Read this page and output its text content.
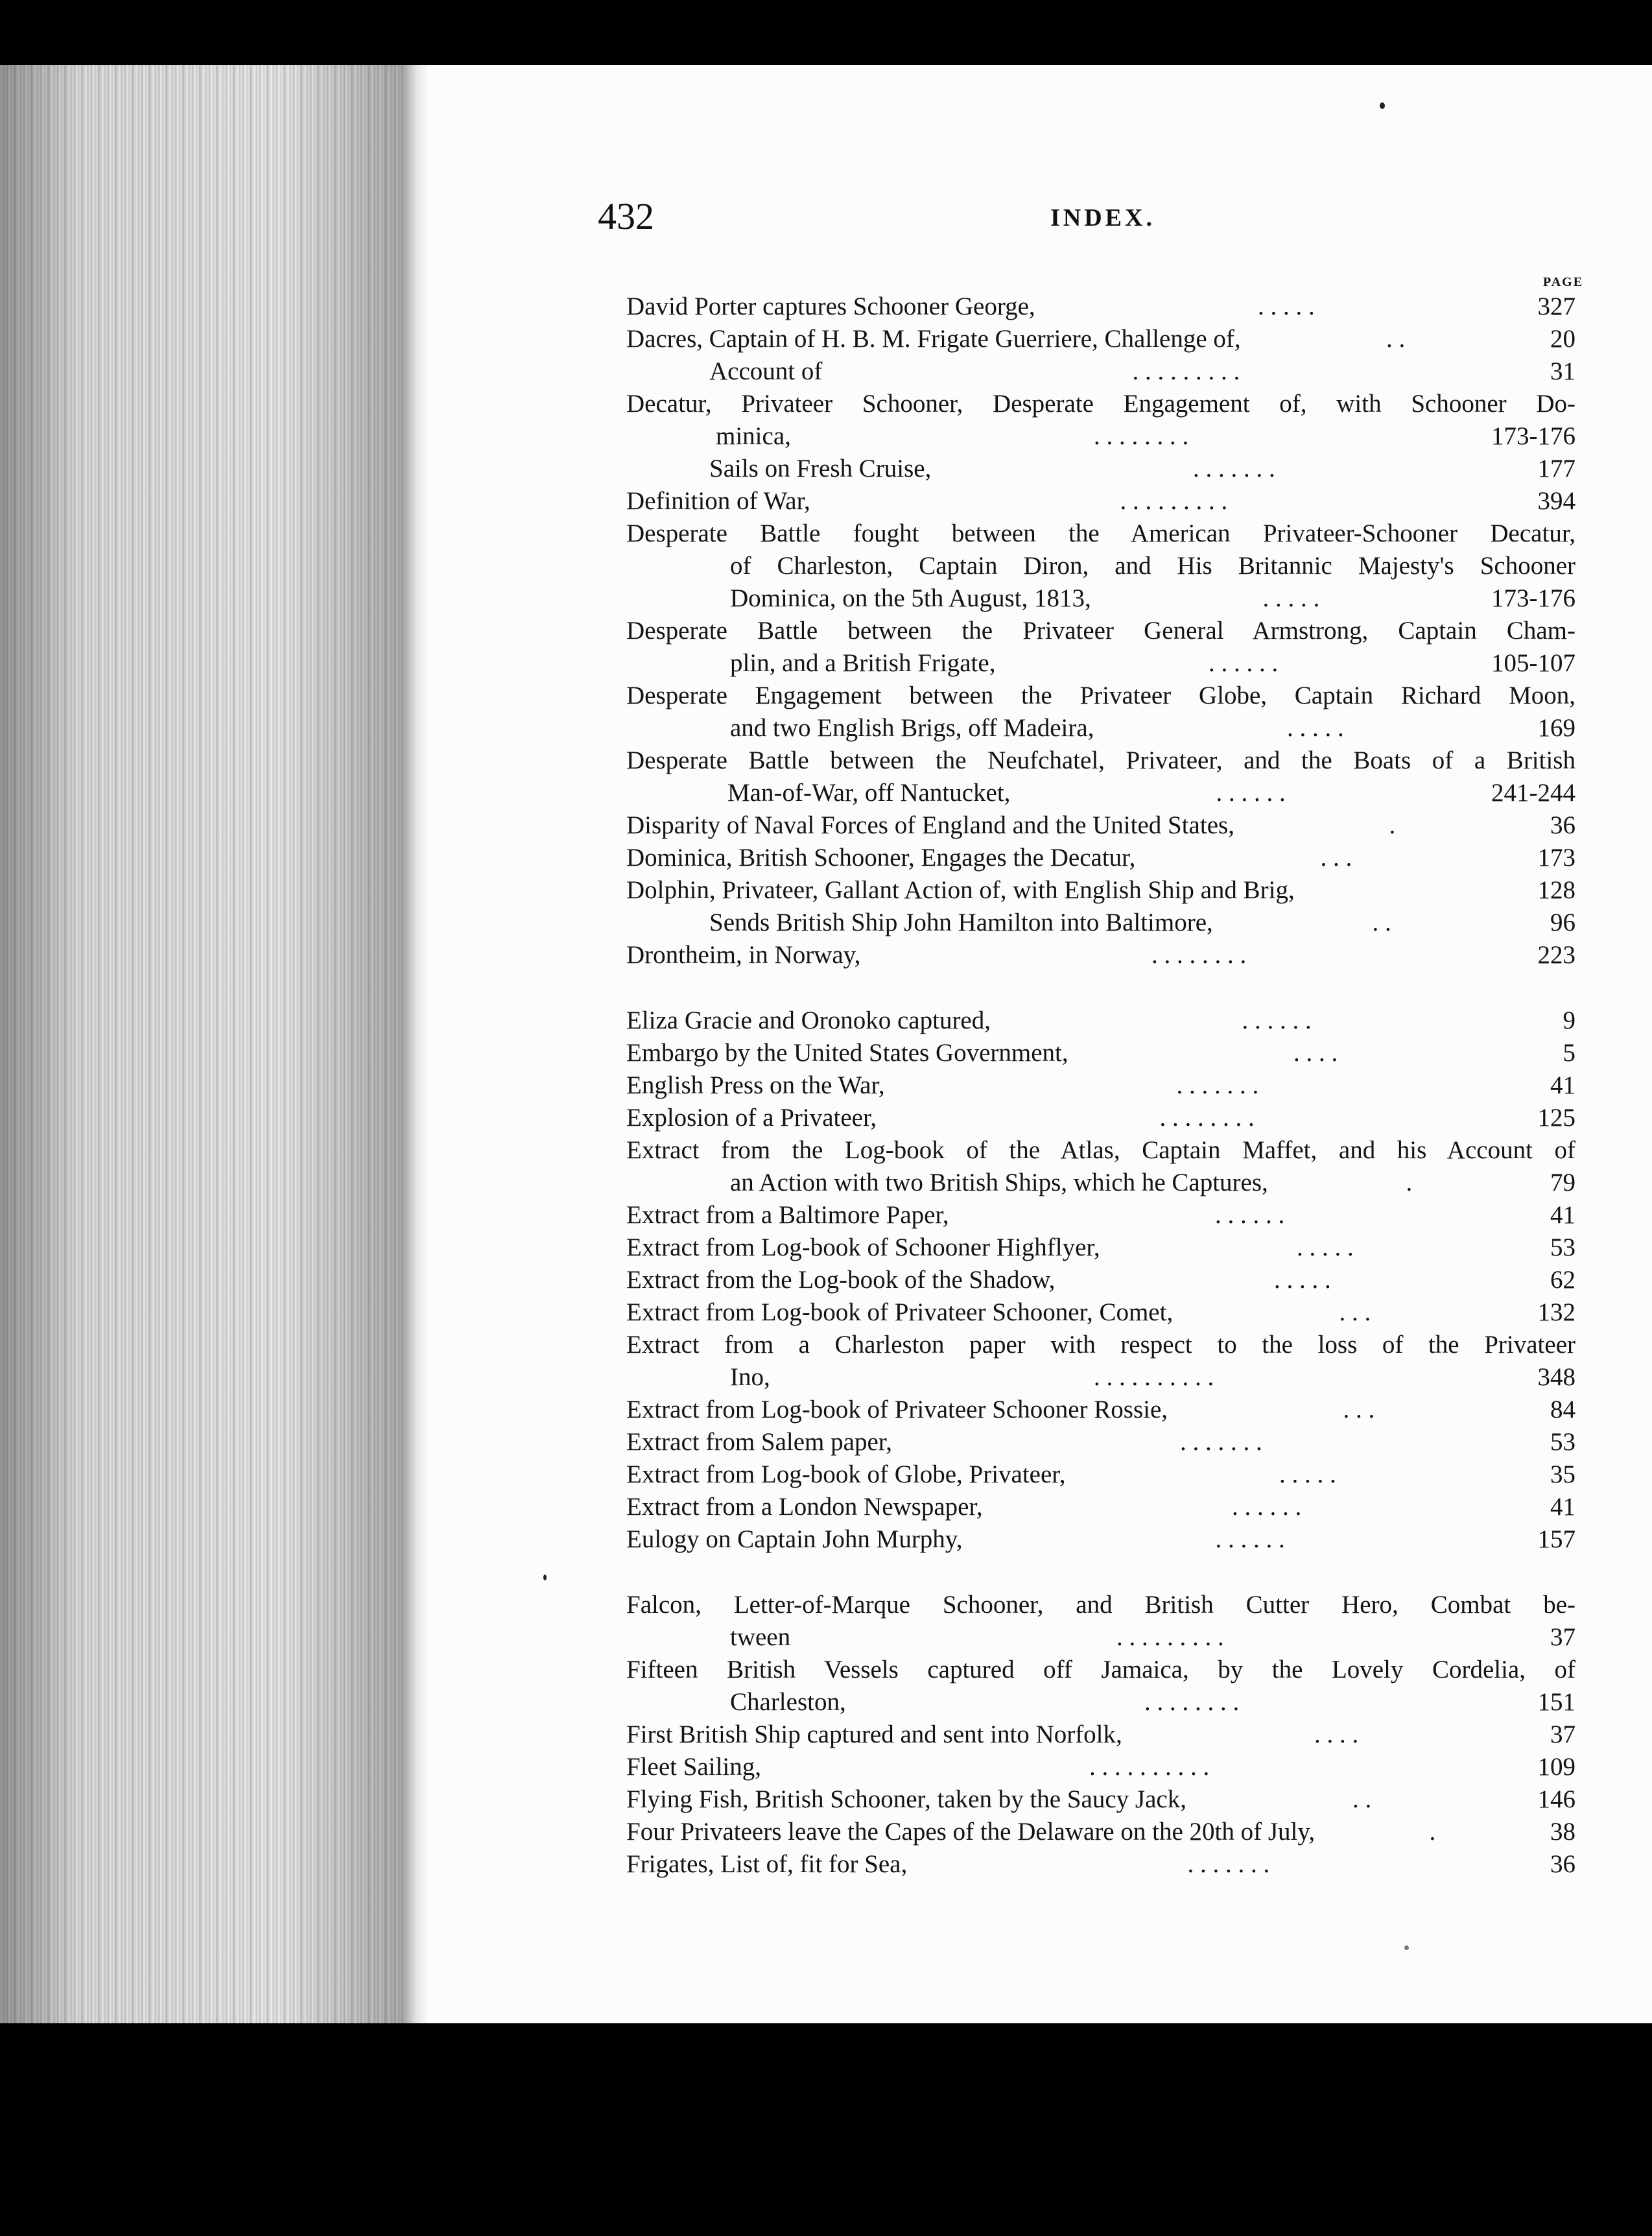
432	INDEX.
PAGE
David Porter captures Schooner George,	. . . . .	327
Dacres, Captain of H. B. M. Frigate Guerriere, Challenge of,	. .	20
Account of	. . . . . . . . .	31
Decatur, Privateer Schooner, Desperate Engagement of, with Schooner Do-
minica,	. . . . . . . .	173-176
Sails on Fresh Cruise,	. . . . . . .	177
Definition of War,	. . . . . . . . .	394
Desperate Battle fought between the American Privateer-Schooner Decatur,
of Charleston, Captain Diron, and His Britannic Majesty's Schooner
Dominica, on the 5th August, 1813,	. . . . .	173-176
Desperate Battle between the Privateer General Armstrong, Captain Cham-
plin, and a British Frigate,	. . . . . .	105-107
Desperate Engagement between the Privateer Globe, Captain Richard Moon,
and two English Brigs, off Madeira,	. . . . .	169
Desperate Battle between the Neufchatel, Privateer, and the Boats of a British
Man-of-War, off Nantucket,	. . . . . .	241-244
Disparity of Naval Forces of England and the United States,	.	36
Dominica, British Schooner, Engages the Decatur,	. . .	173
Dolphin, Privateer, Gallant Action of, with English Ship and Brig,	128
Sends British Ship John Hamilton into Baltimore,	. .	96
Drontheim, in Norway,	. . . . . . . .	223
Eliza Gracie and Oronoko captured,	. . . . . .	9
Embargo by the United States Government,	. . . .	5
English Press on the War,	. . . . . . .	41
Explosion of a Privateer,	. . . . . . . .	125
Extract from the Log-book of the Atlas, Captain Maffet, and his Account of
an Action with two British Ships, which he Captures,	.	79
Extract from a Baltimore Paper,	. . . . . .	41
Extract from Log-book of Schooner Highflyer,	. . . . .	53
Extract from the Log-book of the Shadow,	. . . . .	62
Extract from Log-book of Privateer Schooner, Comet,	. . .	132
Extract from a Charleston paper with respect to the loss of the Privateer
Ino,	. . . . . . . . . .	348
Extract from Log-book of Privateer Schooner Rossie,	. . .	84
Extract from Salem paper,	. . . . . . .	53
Extract from Log-book of Globe, Privateer,	. . . . .	35
Extract from a London Newspaper,	. . . . . .	41
Eulogy on Captain John Murphy,	. . . . . .	157
Falcon, Letter-of-Marque Schooner, and British Cutter Hero, Combat be-
tween	. . . . . . . . .	37
Fifteen British Vessels captured off Jamaica, by the Lovely Cordelia, of
Charleston,	. . . . . . . .	151
First British Ship captured and sent into Norfolk,	. . . .	37
Fleet Sailing,	. . . . . . . . . .	109
Flying Fish, British Schooner, taken by the Saucy Jack,	. .	146
Four Privateers leave the Capes of the Delaware on the 20th of July,	.	38
Frigates, List of, fit for Sea,	. . . . . . .	36
